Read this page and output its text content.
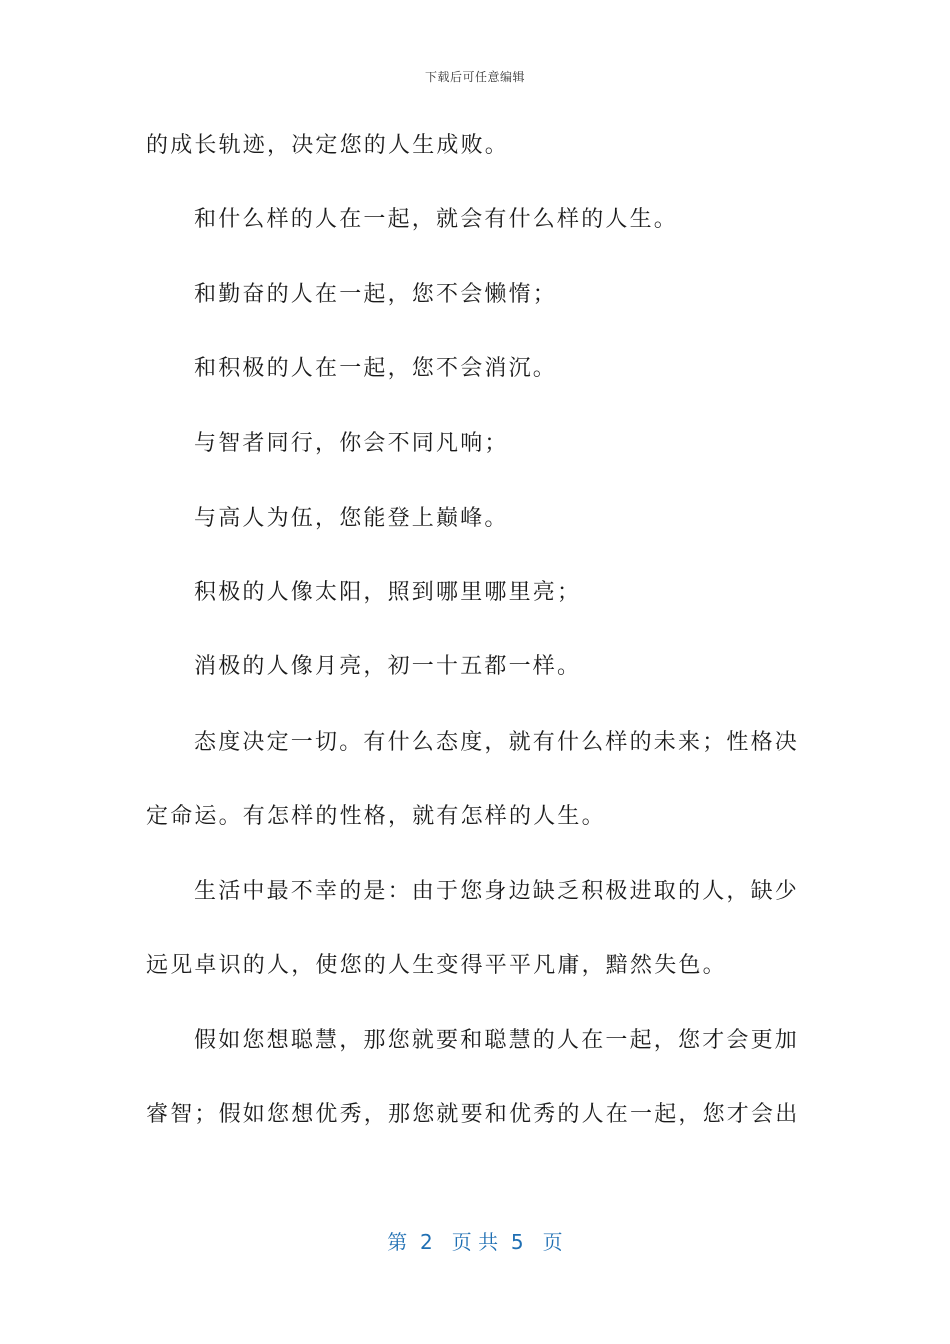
下载后可任意编辑
的成长轨迹，决定您的人生成败。
和什么样的人在一起，就会有什么样的人生。
和勤奋的人在一起，您不会懒惰；
和积极的人在一起，您不会消沉。
与智者同行，你会不同凡响；
与高人为伍，您能登上巅峰。
积极的人像太阳，照到哪里哪里亮；
消极的人像月亮，初一十五都一样。
态度决定一切。有什么态度，就有什么样的未来；性格决
定命运。有怎样的性格，就有怎样的人生。
生活中最不幸的是：由于您身边缺乏积极进取的人，缺少
远见卓识的人，使您的人生变得平平凡庸，黯然失色。
假如您想聪慧，那您就要和聪慧的人在一起，您才会更加
睿智；假如您想优秀，那您就要和优秀的人在一起，您才会出
第  2   页 共  5   页
